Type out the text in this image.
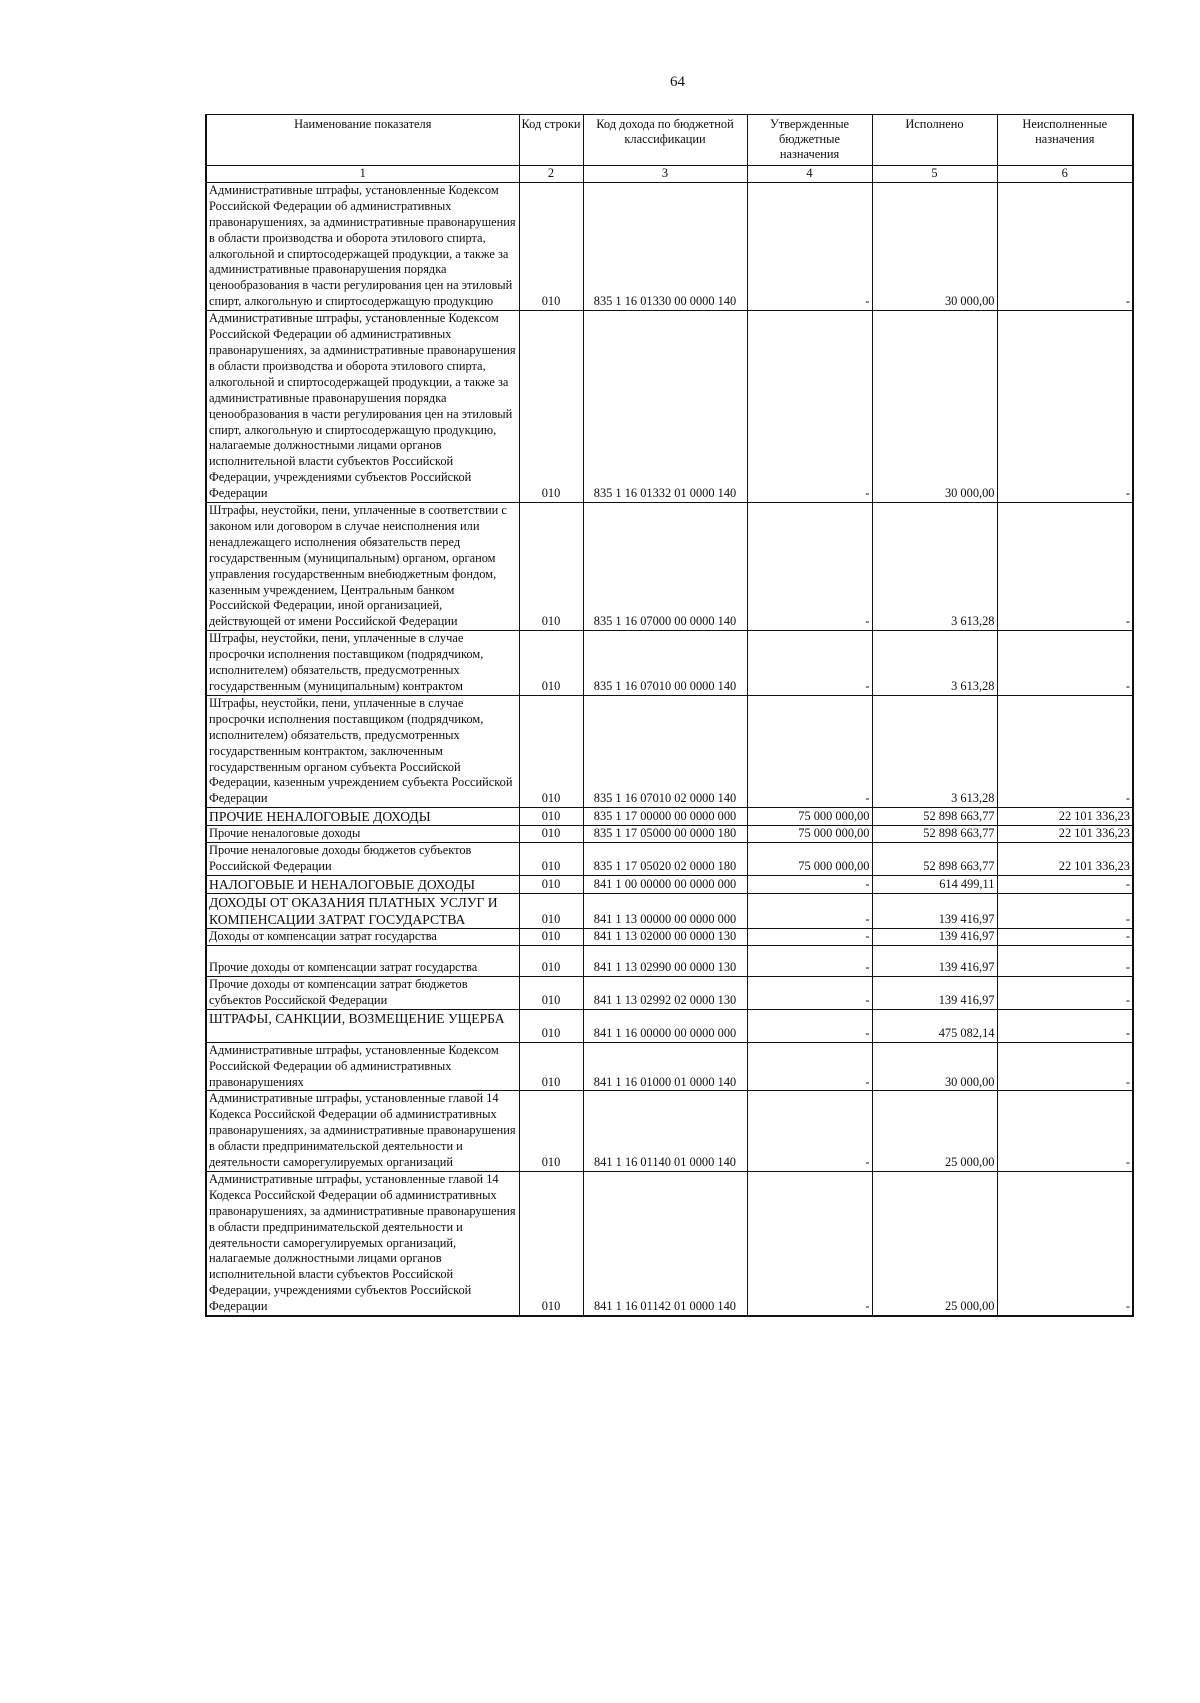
64
Наименование показателя	Код строки	Код дохода по бюджетной классификации	Утвержденные бюджетные назначения	Исполнено	Неисполненные назначения
1	2	3	4	5	6
Административные штрафы, установленные Кодексом Российской Федерации об административных правонарушениях, за административные правонарушения в области производства и оборота этилового спирта, алкогольной и спиртосодержащей продукции, а также за административные правонарушения порядка ценообразования в части регулирования цен на этиловый спирт, алкогольную и спиртосодержащую продукцию	010	835 1 16 01330 00 0000 140	-	30 000,00	-
Административные штрафы, установленные Кодексом Российской Федерации об административных правонарушениях, за административные правонарушения в области производства и оборота этилового спирта, алкогольной и спиртосодержащей продукции, а также за административные правонарушения порядка ценообразования в части регулирования цен на этиловый спирт, алкогольную и спиртосодержащую продукцию, налагаемые должностными лицами органов исполнительной власти субъектов Российской Федерации, учреждениями субъектов Российской Федерации	010	835 1 16 01332 01 0000 140	-	30 000,00	-
Штрафы, неустойки, пени, уплаченные в соответствии с законом или договором в случае неисполнения или ненадлежащего исполнения обязательств перед государственным (муниципальным) органом, органом управления государственным внебюджетным фондом, казенным учреждением, Центральным банком Российской Федерации, иной организацией, действующей от имени Российской Федерации	010	835 1 16 07000 00 0000 140	-	3 613,28	-
Штрафы, неустойки, пени, уплаченные в случае просрочки исполнения поставщиком (подрядчиком, исполнителем) обязательств, предусмотренных государственным (муниципальным) контрактом	010	835 1 16 07010 00 0000 140	-	3 613,28	-
Штрафы, неустойки, пени, уплаченные в случае просрочки исполнения поставщиком (подрядчиком, исполнителем) обязательств, предусмотренных государственным контрактом, заключенным государственным органом субъекта Российской Федерации, казенным учреждением субъекта Российской Федерации	010	835 1 16 07010 02 0000 140	-	3 613,28	-
ПРОЧИЕ НЕНАЛОГОВЫЕ ДОХОДЫ	010	835 1 17 00000 00 0000 000	75 000 000,00	52 898 663,77	22 101 336,23
Прочие неналоговые доходы	010	835 1 17 05000 00 0000 180	75 000 000,00	52 898 663,77	22 101 336,23
Прочие неналоговые доходы бюджетов субъектов Российской Федерации	010	835 1 17 05020 02 0000 180	75 000 000,00	52 898 663,77	22 101 336,23
НАЛОГОВЫЕ И НЕНАЛОГОВЫЕ ДОХОДЫ	010	841 1 00 00000 00 0000 000	-	614 499,11	-
ДОХОДЫ ОТ ОКАЗАНИЯ ПЛАТНЫХ УСЛУГ И КОМПЕНСАЦИИ ЗАТРАТ ГОСУДАРСТВА	010	841 1 13 00000 00 0000 000	-	139 416,97	-
Доходы от компенсации затрат государства	010	841 1 13 02000 00 0000 130	-	139 416,97	-
Прочие доходы от компенсации затрат государства	010	841 1 13 02990 00 0000 130	-	139 416,97	-
Прочие доходы от компенсации затрат бюджетов субъектов Российской Федерации	010	841 1 13 02992 02 0000 130	-	139 416,97	-
ШТРАФЫ, САНКЦИИ, ВОЗМЕЩЕНИЕ УЩЕРБА	010	841 1 16 00000 00 0000 000	-	475 082,14	-
Административные штрафы, установленные Кодексом Российской Федерации об административных правонарушениях	010	841 1 16 01000 01 0000 140	-	30 000,00	-
Административные штрафы, установленные главой 14 Кодекса Российской Федерации об административных правонарушениях, за административные правонарушения в области предпринимательской деятельности и деятельности саморегулируемых организаций	010	841 1 16 01140 01 0000 140	-	25 000,00	-
Административные штрафы, установленные главой 14 Кодекса Российской Федерации об административных правонарушениях, за административные правонарушения в области предпринимательской деятельности и деятельности саморегулируемых организаций, налагаемые должностными лицами органов исполнительной власти субъектов Российской Федерации, учреждениями субъектов Российской Федерации	010	841 1 16 01142 01 0000 140	-	25 000,00	-
